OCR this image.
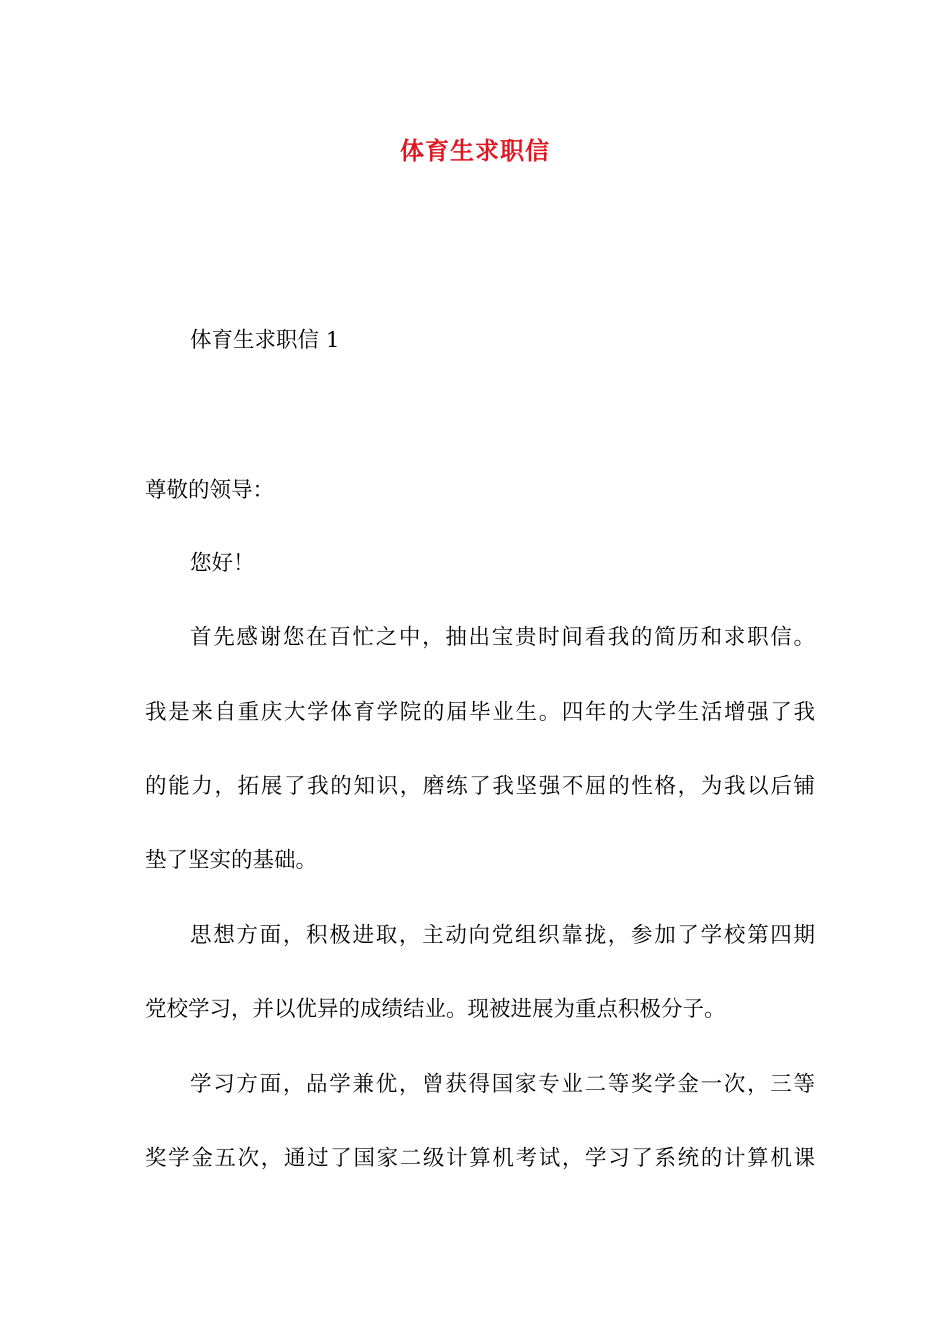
体育生求职信
体育生求职信 1
尊敬的领导：
您好！
首先感谢您在百忙之中，抽出宝贵时间看我的简历和求职信。
我是来自重庆大学体育学院的届毕业生。四年的大学生活增强了我
的能力，拓展了我的知识，磨练了我坚强不屈的性格，为我以后铺
垫了坚实的基础。
思想方面，积极进取，主动向党组织靠拢，参加了学校第四期
党校学习，并以优异的成绩结业。现被进展为重点积极分子。
学习方面，品学兼优，曾获得国家专业二等奖学金一次，三等
奖学金五次，通过了国家二级计算机考试，学习了系统的计算机课
